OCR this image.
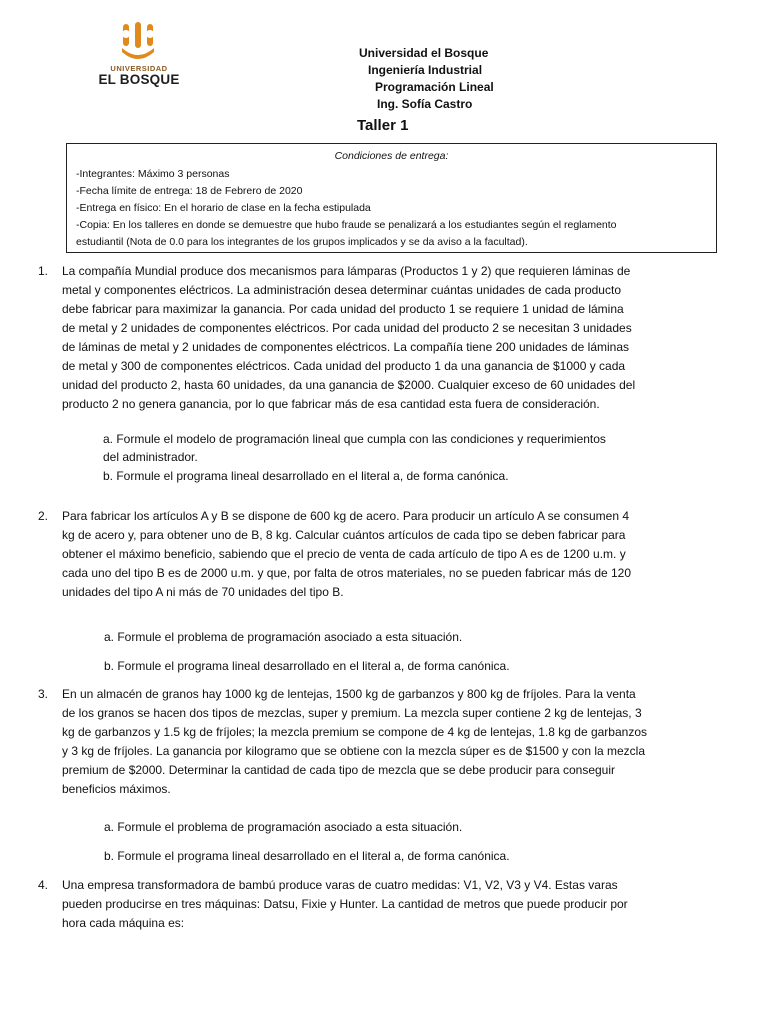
UNIVERSIDAD
EL BOSQUE
Universidad el Bosque
Ingeniería Industrial
Programación Lineal
Ing. Sofía Castro
Taller 1
Condiciones de entrega:
-Integrantes: Máximo 3 personas
-Fecha límite de entrega: 18 de Febrero de 2020
-Entrega en físico: En el horario de clase en la fecha estipulada
-Copia: En los talleres en donde se demuestre que hubo fraude se penalizará a los estudiantes según el reglamento
estudiantil (Nota de 0.0 para los integrantes de los grupos implicados y se da aviso a la facultad).
1. La compañía Mundial produce dos mecanismos para lámparas (Productos 1 y 2) que requieren láminas de
metal y componentes eléctricos. La administración desea determinar cuántas unidades de cada producto
debe fabricar para maximizar la ganancia. Por cada unidad del producto 1 se requiere 1 unidad de lámina
de metal y 2 unidades de componentes eléctricos. Por cada unidad del producto 2 se necesitan 3 unidades
de láminas de metal y 2 unidades de componentes eléctricos. La compañía tiene 200 unidades de láminas
de metal y 300 de componentes eléctricos. Cada unidad del producto 1 da una ganancia de $1000 y cada
unidad del producto 2, hasta 60 unidades, da una ganancia de $2000. Cualquier exceso de 60 unidades del
producto 2 no genera ganancia, por lo que fabricar más de esa cantidad esta fuera de consideración.
a. Formule el modelo de programación lineal que cumpla con las condiciones y requerimientos
del administrador.
b. Formule el programa lineal desarrollado en el literal a, de forma canónica.
2. Para fabricar los artículos A y B se dispone de 600 kg de acero. Para producir un artículo A se consumen 4
kg de acero y, para obtener uno de B, 8 kg. Calcular cuántos artículos de cada tipo se deben fabricar para
obtener el máximo beneficio, sabiendo que el precio de venta de cada artículo de tipo A es de 1200 u.m. y
cada uno del tipo B es de 2000 u.m. y que, por falta de otros materiales, no se pueden fabricar más de 120
unidades del tipo A ni más de 70 unidades del tipo B.
a. Formule el problema de programación asociado a esta situación.
b. Formule el programa lineal desarrollado en el literal a, de forma canónica.
3. En un almacén de granos hay 1000 kg de lentejas, 1500 kg de garbanzos y 800 kg de fríjoles. Para la venta
de los granos se hacen dos tipos de mezclas, super y premium. La mezcla super contiene 2 kg de lentejas, 3
kg de garbanzos y 1.5 kg de fríjoles; la mezcla premium se compone de 4 kg de lentejas, 1.8 kg de garbanzos
y 3 kg de fríjoles. La ganancia por kilogramo que se obtiene con la mezcla súper es de $1500 y con la mezcla
premium de $2000. Determinar la cantidad de cada tipo de mezcla que se debe producir para conseguir
beneficios máximos.
a. Formule el problema de programación asociado a esta situación.
b. Formule el programa lineal desarrollado en el literal a, de forma canónica.
4. Una empresa transformadora de bambú produce varas de cuatro medidas: V1, V2, V3 y V4. Estas varas
pueden producirse en tres máquinas: Datsu, Fixie y Hunter. La cantidad de metros que puede producir por
hora cada máquina es:
